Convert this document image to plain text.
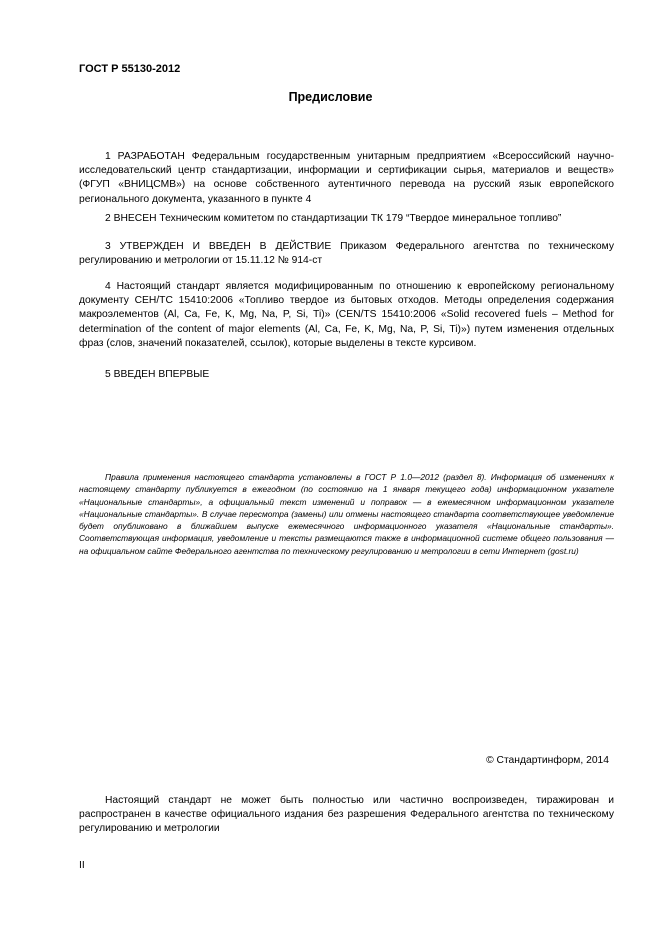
ГОСТ Р 55130-2012
Предисловие
1 РАЗРАБОТАН Федеральным государственным унитарным предприятием «Всероссийский научно-исследовательский центр стандартизации, информации и сертификации сырья, материалов и веществ» (ФГУП «ВНИЦСМВ») на основе собственного аутентичного перевода на русский язык европейского регионального документа, указанного в пункте 4
2 ВНЕСЕН Техническим комитетом по стандартизации ТК 179 “Твердое минеральное топливо”
3 УТВЕРЖДЕН И ВВЕДЕН В ДЕЙСТВИЕ Приказом Федерального агентства по техническому регулированию и метрологии от 15.11.12 № 914-ст
4 Настоящий стандарт является модифицированным по отношению к европейскому региональному документу СЕН/ТС 15410:2006 «Топливо твердое из бытовых отходов. Методы определения содержания макроэлементов (Al, Ca, Fe, K, Mg, Na, P, Si, Ti)» (CEN/TS 15410:2006 «Solid recovered fuels – Method for determination of the content of major elements (Al, Ca, Fe, K, Mg, Na, P, Si, Ti)») путем изменения отдельных фраз (слов, значений показателей, ссылок), которые выделены в тексте курсивом.
5 ВВЕДЕН ВПЕРВЫЕ
Правила применения настоящего стандарта установлены в ГОСТ Р 1.0—2012 (раздел 8). Информация об изменениях к настоящему стандарту публикуется в ежегодном (по состоянию на 1 января текущего года) информационном указателе «Национальные стандарты», а официальный текст изменений и поправок — в ежемесячном информационном указателе «Национальные стандарты». В случае пересмотра (замены) или отмены настоящего стандарта соответствующее уведомление будет опубликовано в ближайшем выпуске ежемесячного информационного указателя «Национальные стандарты». Соответствующая информация, уведомление и тексты размещаются также в информационной системе общего пользования — на официальном сайте Федерального агентства по техническому регулированию и метрологии в сети Интернет (gost.ru)
© Стандартинформ, 2014
Настоящий стандарт не может быть полностью или частично воспроизведен, тиражирован и распространен в качестве официального издания без разрешения Федерального агентства по техническому регулированию и метрологии
II
